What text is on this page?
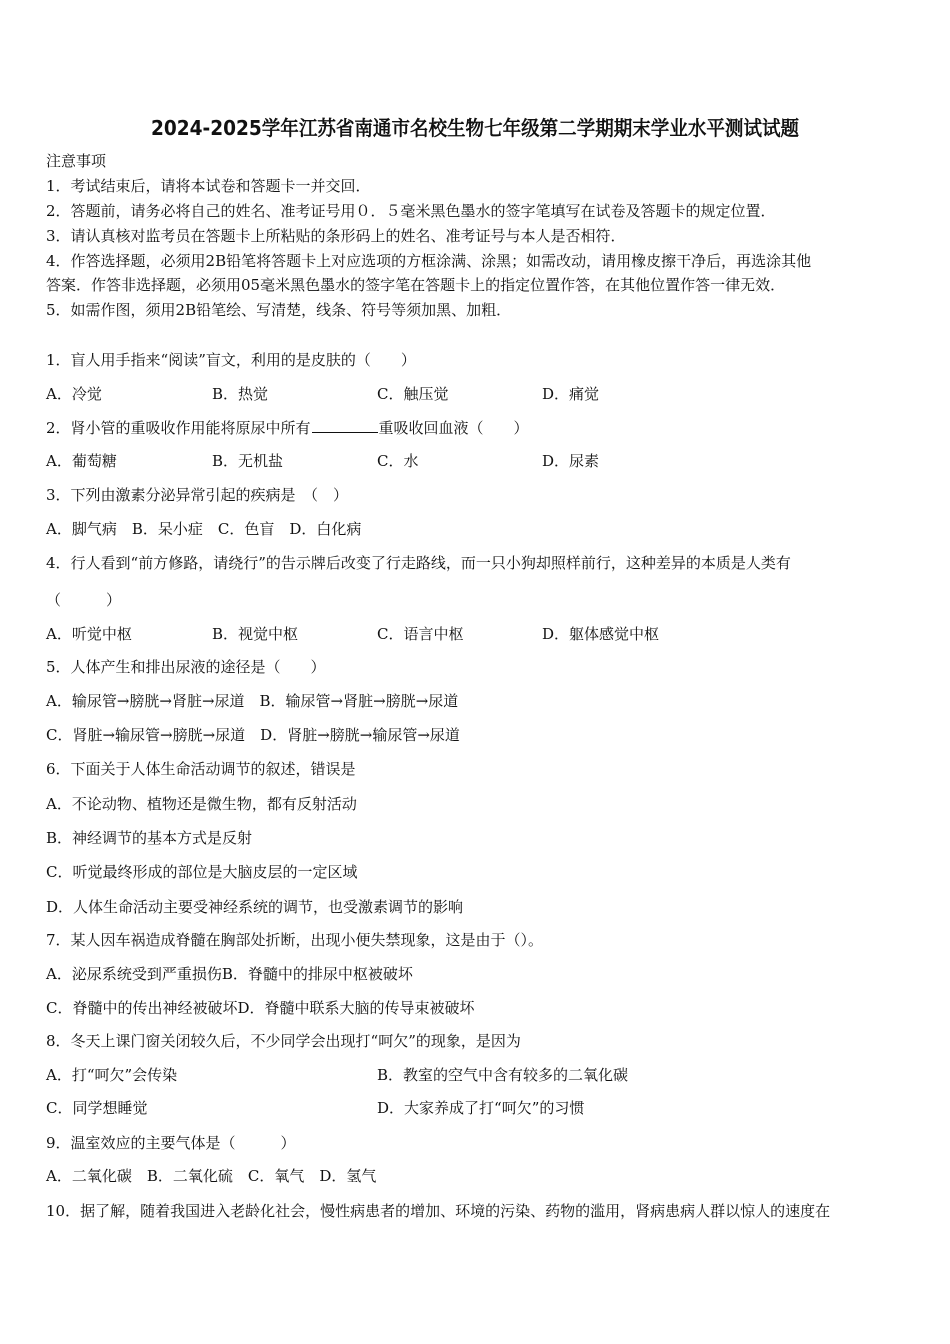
2024-2025学年江苏省南通市名校生物七年级第二学期期末学业水平测试试题
注意事项
1．考试结束后，请将本试卷和答题卡一并交回．
2．答题前，请务必将自己的姓名、准考证号用０．５毫米黑色墨水的签字笔填写在试卷及答题卡的规定位置．
3．请认真核对监考员在答题卡上所粘贴的条形码上的姓名、准考证号与本人是否相符．
4．作答选择题，必须用2B铅笔将答题卡上对应选项的方框涂满、涂黑；如需改动，请用橡皮擦干净后，再选涂其他
答案．作答非选择题，必须用05毫米黑色墨水的签字笔在答题卡上的指定位置作答，在其他位置作答一律无效．
5．如需作图，须用2B铅笔绘、写清楚，线条、符号等须加黑、加粗．
1．盲人用手指来“阅读”盲文，利用的是皮肤的（　　）
A．冷觉	B．热觉	C．触压觉	D．痛觉
2．肾小管的重吸收作用能将原尿中所有	重吸收回血液（　　）
A．葡萄糖	B．无机盐	C．水	D．尿素
3．下列由激素分泌异常引起的疾病是　（　）
A．脚气病　B．呆小症　C．色盲　D．白化病
4．行人看到“前方修路，请绕行”的告示牌后改变了行走路线，而一只小狗却照样前行，这种差异的本质是人类有
（　　　）
A．听觉中枢	B．视觉中枢	C．语言中枢	D．躯体感觉中枢
5．人体产生和排出尿液的途径是（　　）
A．输尿管→膀胱→肾脏→尿道　B．输尿管→肾脏→膀胱→尿道
C．肾脏→输尿管→膀胱→尿道　D．肾脏→膀胱→输尿管→尿道
6．下面关于人体生命活动调节的叙述，错误是
A．不论动物、植物还是微生物，都有反射活动
B．神经调节的基本方式是反射
C．听觉最终形成的部位是大脑皮层的一定区域
D．人体生命活动主要受神经系统的调节，也受激素调节的影响
7．某人因车祸造成脊髓在胸部处折断，出现小便失禁现象，这是由于（）。
A．泌尿系统受到严重损伤B．脊髓中的排尿中枢被破坏
C．脊髓中的传出神经被破坏D．脊髓中联系大脑的传导束被破坏
8．冬天上课门窗关闭较久后，不少同学会出现打“呵欠”的现象，是因为
A．打“呵欠”会传染	B．教室的空气中含有较多的二氧化碳
C．同学想睡觉	D．大家养成了打“呵欠”的习惯
9．温室效应的主要气体是（　　　）
A．二氧化碳　B．二氧化硫　C．氧气　D．氢气
10．据了解，随着我国进入老龄化社会，慢性病患者的增加、环境的污染、药物的滥用，肾病患病人群以惊人的速度在
